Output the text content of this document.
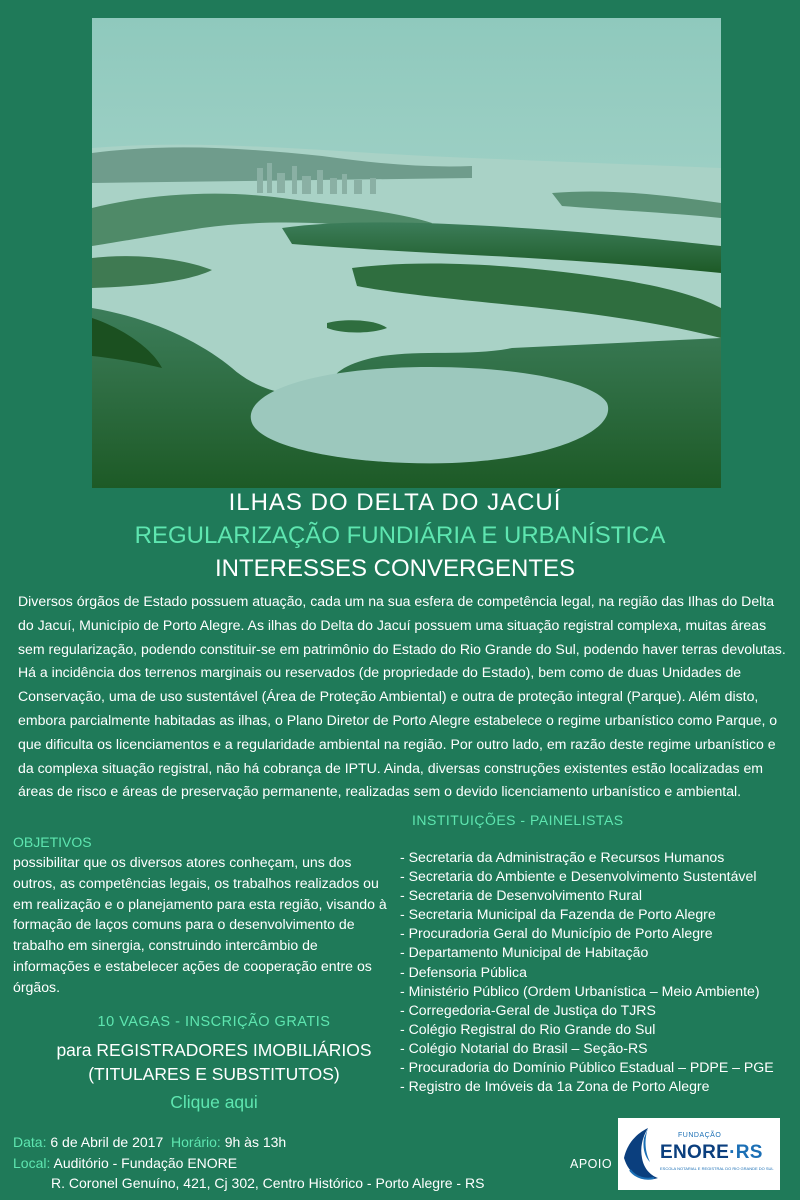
ILHAS DO DELTA DO JACUÍ
REGULARIZAÇÃO FUNDIÁRIA E URBANÍSTICA
INTERESSES CONVERGENTES

Diversos órgãos de Estado possuem atuação, cada um na sua esfera de competência legal, na região das Ilhas do Delta do Jacuí, Município de Porto Alegre. As ilhas do Delta do Jacuí possuem uma situação registral complexa, muitas áreas sem regularização, podendo constituir-se em patrimônio do Estado do Rio Grande do Sul, podendo haver terras devolutas. Há a incidência dos terrenos marginais ou reservados (de propriedade do Estado), bem como de duas Unidades de Conservação, uma de uso sustentável (Área de Proteção Ambiental) e outra de proteção integral (Parque). Além disto, embora parcialmente habitadas as ilhas, o Plano Diretor de Porto Alegre estabelece o regime urbanístico como Parque, o que dificulta os licenciamentos e a regularidade ambiental na região. Por outro lado, em razão deste regime urbanístico e da complexa situação registral, não há cobrança de IPTU. Ainda, diversas construções existentes estão localizadas em áreas de risco e áreas de preservação permanente, realizadas sem o devido licenciamento urbanístico e ambiental.

INSTITUIÇÕES - PAINELISTAS
OBJETIVOS

possibilitar que os diversos atores conheçam, uns dos outros, as competências legais, os trabalhos realizados ou em realização e o planejamento para esta região, visando à formação de laços comuns para o desenvolvimento de trabalho em sinergia, construindo intercâmbio de informações e estabelecer ações de cooperação entre os órgãos.

- Secretaria da Administração e Recursos Humanos
- Secretaria do Ambiente e Desenvolvimento Sustentável
- Secretaria de Desenvolvimento Rural
- Secretaria Municipal da Fazenda de Porto Alegre
- Procuradoria Geral do Município de Porto Alegre
- Departamento Municipal de Habitação
- Defensoria Pública
- Ministério Público (Ordem Urbanística – Meio Ambiente)
- Corregedoria-Geral de Justiça do TJRS
- Colégio Registral do Rio Grande do Sul
- Colégio Notarial do Brasil – Seção-RS
- Procuradoria do Domínio Público Estadual – PDPE – PGE
- Registro de Imóveis da 1a Zona de Porto Alegre
10 VAGAS - INSCRIÇÃO GRATIS
para REGISTRADORES IMOBILIÁRIOS
(TITULARES E SUBSTITUTOS)
Clique aqui
Data: 6 de Abril de 2017 Horário: 9h às 13h
Local: Auditório - Fundação ENORE
R. Coronel Genuíno, 421, Cj 302, Centro Histórico - Porto Alegre - RS
APOIO
FUNDAÇÃO
ENORE·RS
ESCOLA NOTARIAL E REGISTRAL DO RIO GRANDE DO SUL
